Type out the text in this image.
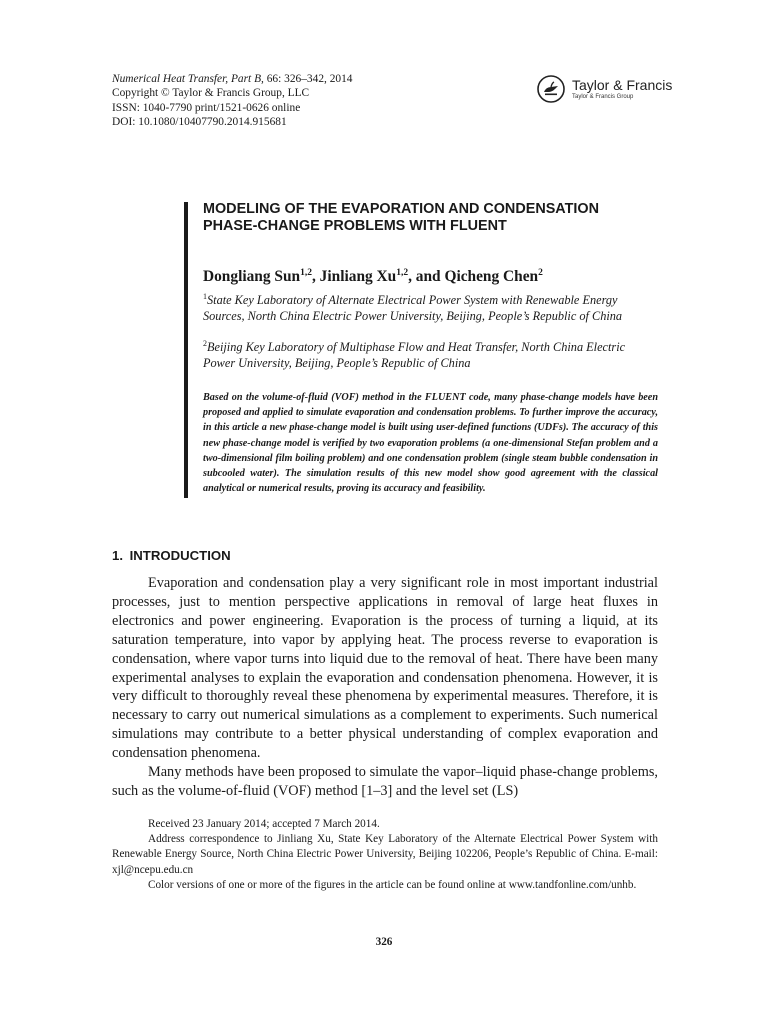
Numerical Heat Transfer, Part B, 66: 326–342, 2014
Copyright © Taylor & Francis Group, LLC
ISSN: 1040-7790 print/1521-0626 online
DOI: 10.1080/10407790.2014.915681
Taylor & Francis
Taylor & Francis Group
MODELING OF THE EVAPORATION AND CONDENSATION PHASE-CHANGE PROBLEMS WITH FLUENT
Dongliang Sun$^{1,2}$, Jinliang Xu$^{1,2}$, and Qicheng Chen$^2$
$^1$State Key Laboratory of Alternate Electrical Power System with Renewable Energy Sources, North China Electric Power University, Beijing, People’s Republic of China
$^2$Beijing Key Laboratory of Multiphase Flow and Heat Transfer, North China Electric Power University, Beijing, People’s Republic of China
Based on the volume-of-fluid (VOF) method in the FLUENT code, many phase-change models have been proposed and applied to simulate evaporation and condensation problems. To further improve the accuracy, in this article a new phase-change model is built using user-defined functions (UDFs). The accuracy of this new phase-change model is verified by two evaporation problems (a one-dimensional Stefan problem and a two-dimensional film boiling problem) and one condensation problem (single steam bubble condensation in subcooled water). The simulation results of this new model show good agreement with the classical analytical or numerical results, proving its accuracy and feasibility.
1. INTRODUCTION

Evaporation and condensation play a very significant role in most important industrial processes, just to mention perspective applications in removal of large heat fluxes in electronics and power engineering. Evaporation is the process of turning a liquid, at its saturation temperature, into vapor by applying heat. The process reverse to evaporation is condensation, where vapor turns into liquid due to the removal of heat. There have been many experimental analyses to explain the evaporation and condensation phenomena. However, it is very difficult to thoroughly reveal these phenomena by experimental measures. Therefore, it is necessary to carry out numerical simulations as a complement to experiments. Such numerical simulations may contribute to a better physical understanding of complex evaporation and condensation phenomena.

Many methods have been proposed to simulate the vapor–liquid phase-change problems, such as the volume-of-fluid (VOF) method [1–3] and the level set (LS)

Received 23 January 2014; accepted 7 March 2014.

Address correspondence to Jinliang Xu, State Key Laboratory of the Alternate Electrical Power System with Renewable Energy Source, North China Electric Power University, Beijing 102206, People’s Republic of China. E-mail: xjl@ncepu.edu.cn

Color versions of one or more of the figures in the article can be found online at www.tandfonline.com/unhb.

326
